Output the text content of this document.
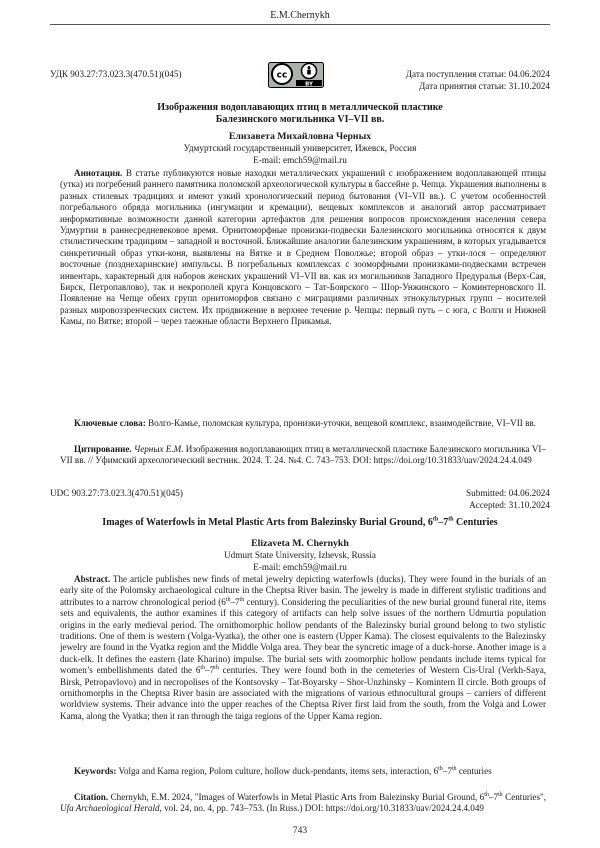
E.M.Chernykh
УДК 903.27:73.023.3(470.51)(045)	Дата поступления статьи: 04.06.2024
Дата принятия статьи: 31.10.2024
cc
BY
Изображения водоплавающих птиц в металлической пластике
Балезинского могильника VI–VII вв.
Елизавета Михайловна Черных
Удмуртский государственный университет, Ижевск, Россия
E-mail: emch59@mail.ru
Аннотация. В статье публикуются новые находки металлических украшений с изображением водоплавающей птицы (утка) из погребений раннего памятника поломской археологической культуры в бассейне р. Чепца. Украшения выполнены в разных стилевых традициях и имеют узкий хронологический период бытования (VI–VII вв.). С учетом особенностей погребального обряда могильника (ингумации и кремации), вещевых комплексов и аналогий автор рассматривает информативные возможности данной категории артефактов для решения вопросов происхождения населения севера Удмуртии в раннесредневековое время. Орнитоморфные пронизки-подвески Балезинского могильника относятся к двум стилистическим традициям – западной и восточной. Ближайшие аналогии балезинским украшениям, в которых угадывается синкретичный образ утки-коня, выявлены на Вятке и в Среднем Поволжье; второй образ – утки-лося – определяют восточные (позднехаринские) импульсы. В погребальных комплексах с зооморфными пронизками-подвесками встречен инвентарь, характерный для наборов женских украшений VI–VII вв. как из могильников Западного Предуралья (Верх-Сая, Бирск, Петропавлово), так и некрополей круга Концовского – Тат-Боярского – Шор-Унжинского – Коминтерновского II. Появление на Чепце обеих групп орнитоморфов связано с миграциями различных этнокультурных групп – носителей разных мировоззренческих систем. Их продвижение в верхнее течение р. Чепцы: первый путь – с юга, с Волги и Нижней Камы, по Вятке; второй – через таежные области Верхнего Прикамья.
Ключевые слова: Волго-Камье, поломская культура, пронизки-уточки, вещевой комплекс, взаимодействие, VI–VII вв.
Цитирование. Черных Е.М. Изображения водоплавающих птиц в металлической пластике Балезинского могильника VI–VII вв. // Уфимский археологический вестник. 2024. Т. 24. №4. С. 743–753. DOI: https://doi.org/10.31833/uav/2024.24.4.049
UDC 903.27:73.023.3(470.51)(045)	Submitted: 04.06.2024
Accepted: 31.10.2024
Images of Waterfowls in Metal Plastic Arts from Balezinsky Burial Ground, 6th–7th Centuries
Elizaveta M. Chernykh
Udmurt State University, Izhevsk, Russia
E-mail: emch59@mail.ru
Abstract. The article publishes new finds of metal jewelry depicting waterfowls (ducks). They were found in the burials of an early site of the Polomsky archaeological culture in the Cheptsa River basin. The jewelry is made in different stylistic traditions and attributes to a narrow chronological period (6th–7th century). Considering the peculiarities of the new burial ground funeral rite, items sets and equivalents, the author examines if this category of artifacts can help solve issues of the northern Udmurtia population origins in the early medieval period. The ornithomorphic hollow pendants of the Balezinsky burial ground belong to two stylistic traditions. One of them is western (Volga-Vyatka), the other one is eastern (Upper Kama). The closest equivalents to the Balezinsky jewelry are found in the Vyatka region and the Middle Volga area. They bear the syncretic image of a duck-horse. Another image is a duck-elk. It defines the eastern (late Kharino) impulse. The burial sets with zoomorphic hollow pendants include items typical for women’s embellishments dated the 6th–7th centuries. They were found both in the cemeteries of Western Cis-Ural (Verkh-Saya, Birsk, Petropavlovo) and in necropolises of the Kontsovsky – Tat-Boyarsky – Shor-Unzhinsky – Komintern II circle. Both groups of ornithomorphs in the Cheptsa River basin are associated with the migrations of various ethnocultural groups – carriers of different worldview systems. Their advance into the upper reaches of the Cheptsa River first laid from the south, from the Volga and Lower Kama, along the Vyatka; then it ran through the taiga regions of the Upper Kama region.
Keywords: Volga and Kama region, Polom culture, hollow duck-pendants, items sets, interaction, 6th–7th centuries
Citation. Chernykh, E.M. 2024, "Images of Waterfowls in Metal Plastic Arts from Balezinsky Burial Ground, 6th–7th Centuries", Ufa Archaeological Herald, vol. 24, no. 4, pp. 743–753. (In Russ.) DOI: https://doi.org/10.31833/uav/2024.24.4.049
743
